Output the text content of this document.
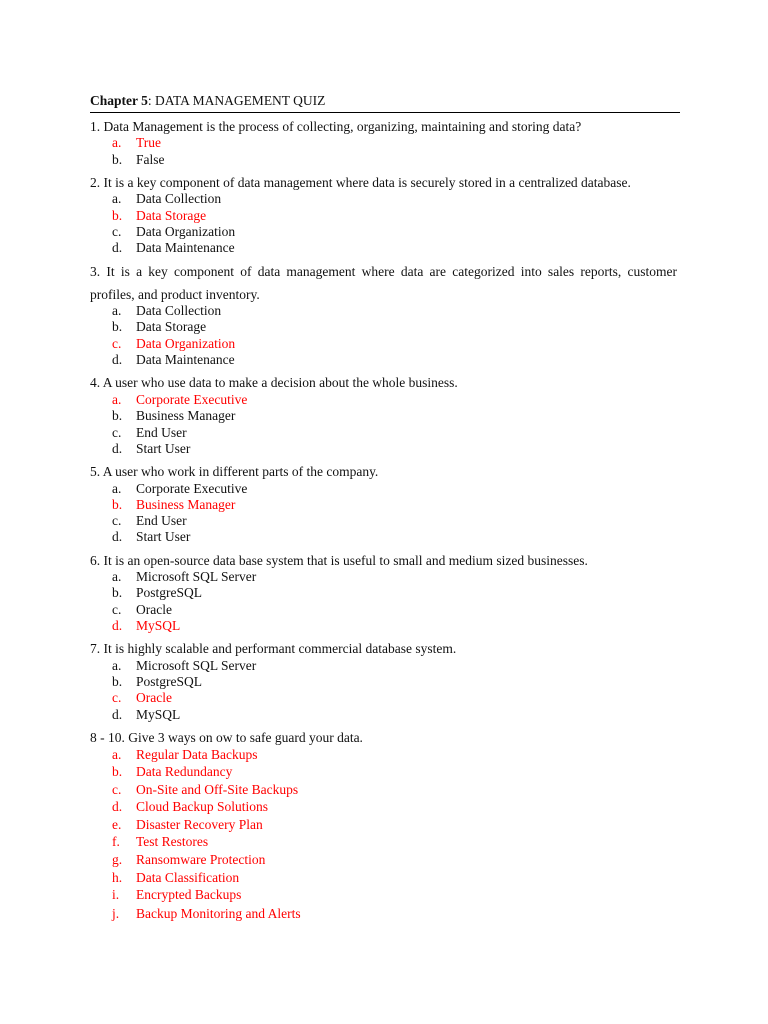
Chapter 5: DATA MANAGEMENT QUIZ
1. Data Management is the process of collecting, organizing, maintaining and storing data?
a. True
b. False
2. It is a key component of data management where data is securely stored in a centralized database.
a. Data Collection
b. Data Storage
c. Data Organization
d. Data Maintenance
3. It is a key component of data management where data are categorized into sales reports, customer profiles, and product inventory.
a. Data Collection
b. Data Storage
c. Data Organization
d. Data Maintenance
4. A user who use data to make a decision about the whole business.
a. Corporate Executive
b. Business Manager
c. End User
d. Start User
5. A user who work in different parts of the company.
a. Corporate Executive
b. Business Manager
c. End User
d. Start User
6. It is an open-source data base system that is useful to small and medium sized businesses.
a. Microsoft SQL Server
b. PostgreSQL
c. Oracle
d. MySQL
7. It is highly scalable and performant commercial database system.
a. Microsoft SQL Server
b. PostgreSQL
c. Oracle
d. MySQL
8 - 10. Give 3 ways on ow to safe guard your data.
a. Regular Data Backups
b. Data Redundancy
c. On-Site and Off-Site Backups
d. Cloud Backup Solutions
e. Disaster Recovery Plan
f. Test Restores
g. Ransomware Protection
h. Data Classification
i. Encrypted Backups
j. Backup Monitoring and Alerts
